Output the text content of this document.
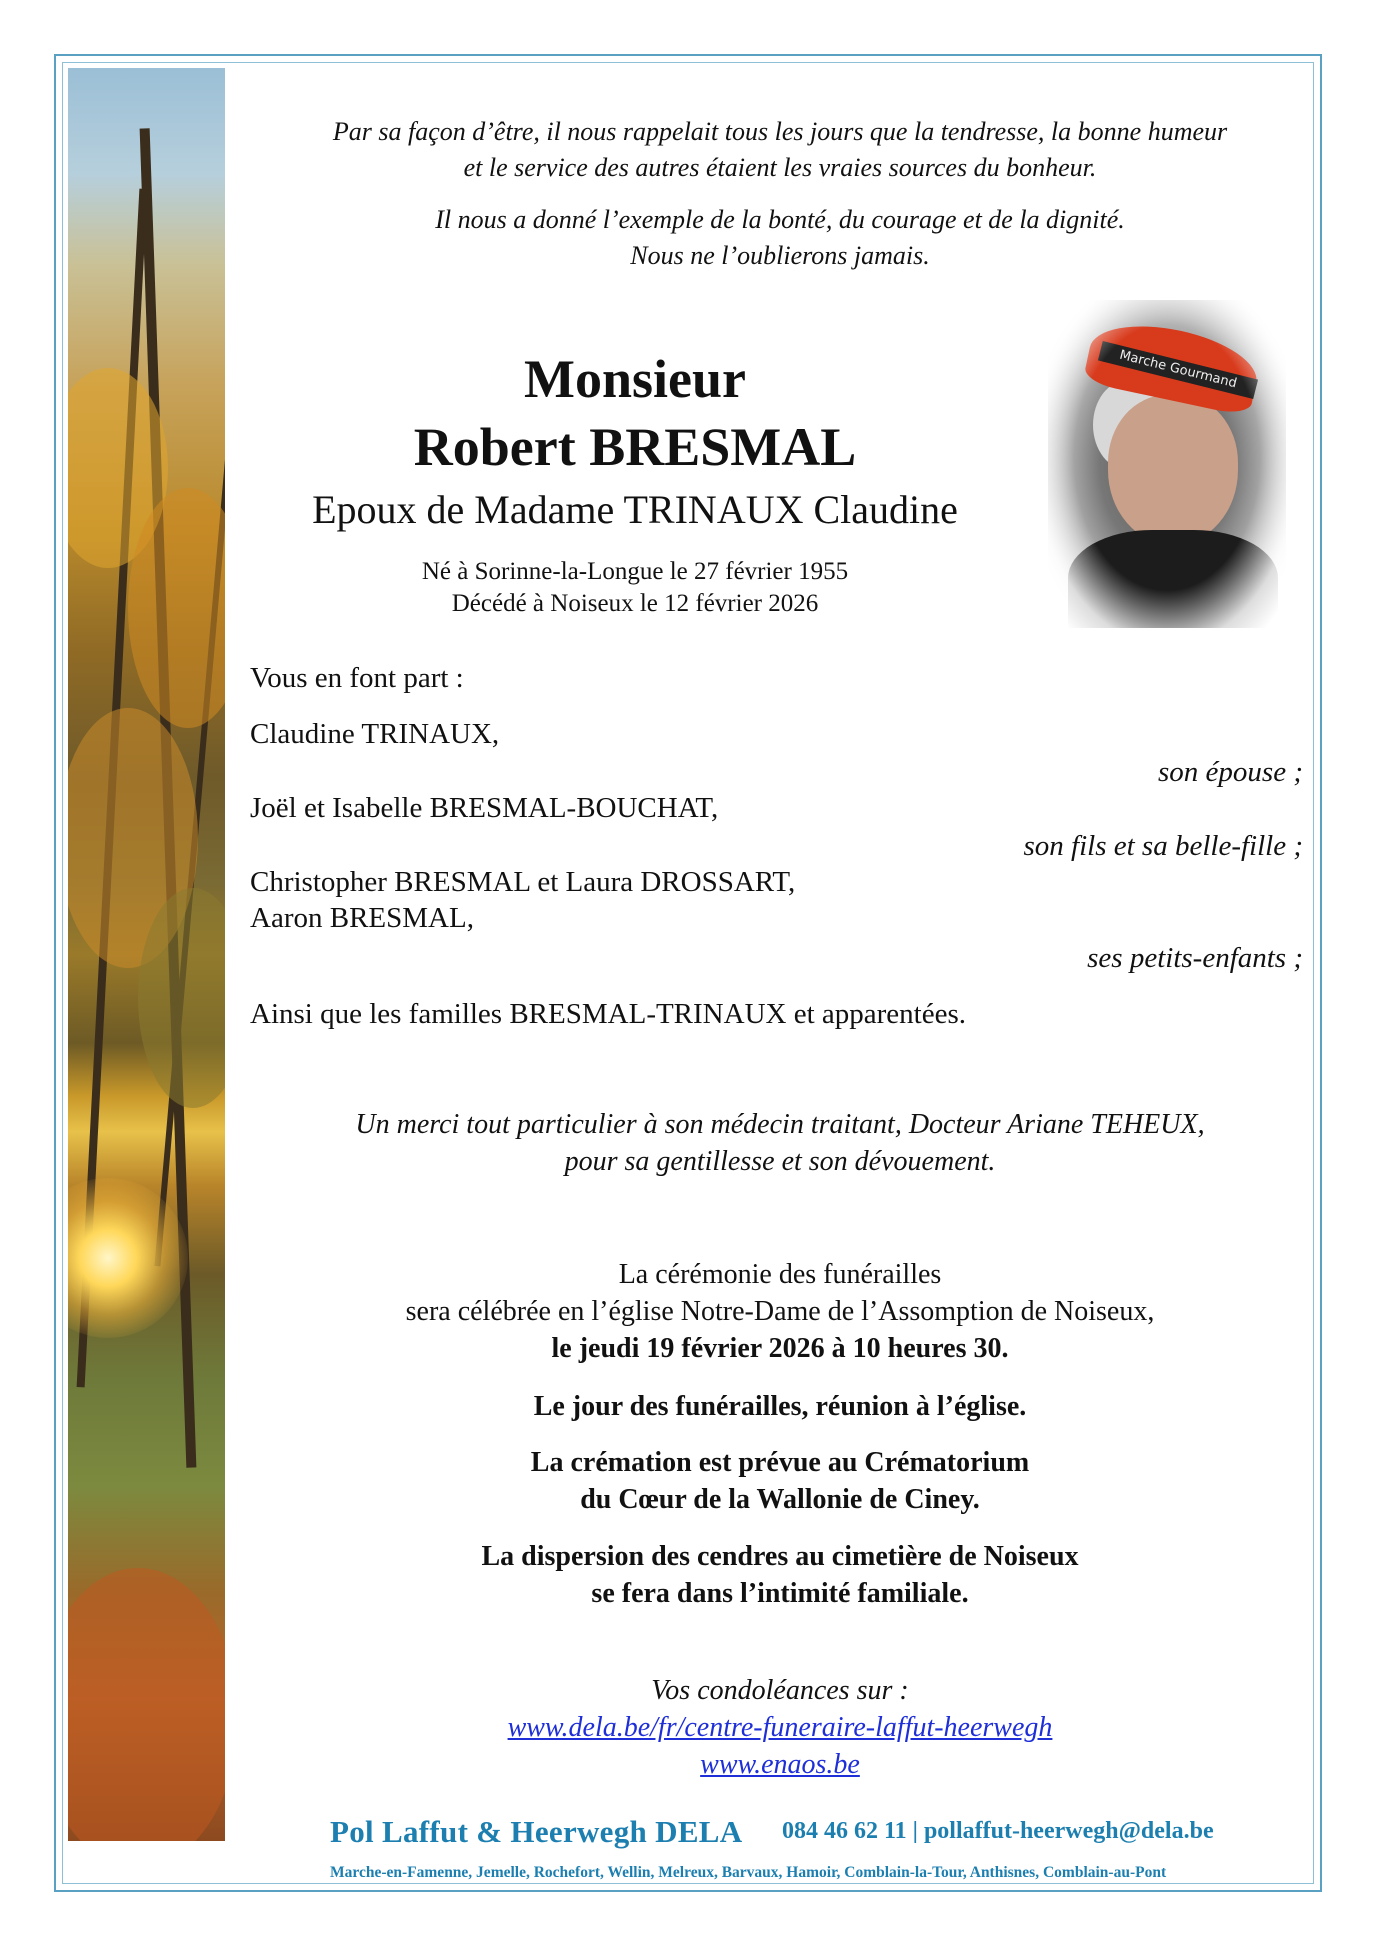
Par sa façon d’être, il nous rappelait tous les jours que la tendresse, la bonne humeur

et le service des autres étaient les vraies sources du bonheur.

Il nous a donné l’exemple de la bonté, du courage et de la dignité.

Nous ne l’oublierons jamais.

Monsieur

Robert BRESMAL

Epoux de Madame TRINAUX Claudine

Né à Sorinne-la-Longue le 27 février 1955

Décédé à Noiseux le 12 février 2026

Vous en font part :

Claudine TRINAUX,

son épouse ;

Joël et Isabelle BRESMAL-BOUCHAT,

son fils et sa belle-fille ;

Christopher BRESMAL et Laura DROSSART,

Aaron BRESMAL,

ses petits-enfants ;

Ainsi que les familles BRESMAL-TRINAUX et apparentées.

Un merci tout particulier à son médecin traitant, Docteur Ariane TEHEUX,

pour sa gentillesse et son dévouement.

La cérémonie des funérailles

sera célébrée en l’église Notre-Dame de l’Assomption de Noiseux,

le jeudi 19 février 2026 à 10 heures 30.

Le jour des funérailles, réunion à l’église.

La crémation est prévue au Crématorium

du Cœur de la Wallonie de Ciney.

La dispersion des cendres au cimetière de Noiseux

se fera dans l’intimité familiale.

Vos condoléances sur :

www.dela.be/fr/centre-funeraire-laffut-heerwegh

www.enaos.be

Pol Laffut & Heerwegh DELA 084 46 62 11 | pollaffut-heerwegh@dela.be
Marche-en-Famenne, Jemelle, Rochefort, Wellin, Melreux, Barvaux, Hamoir, Comblain-la-Tour, Anthisnes, Comblain-au-Pont
